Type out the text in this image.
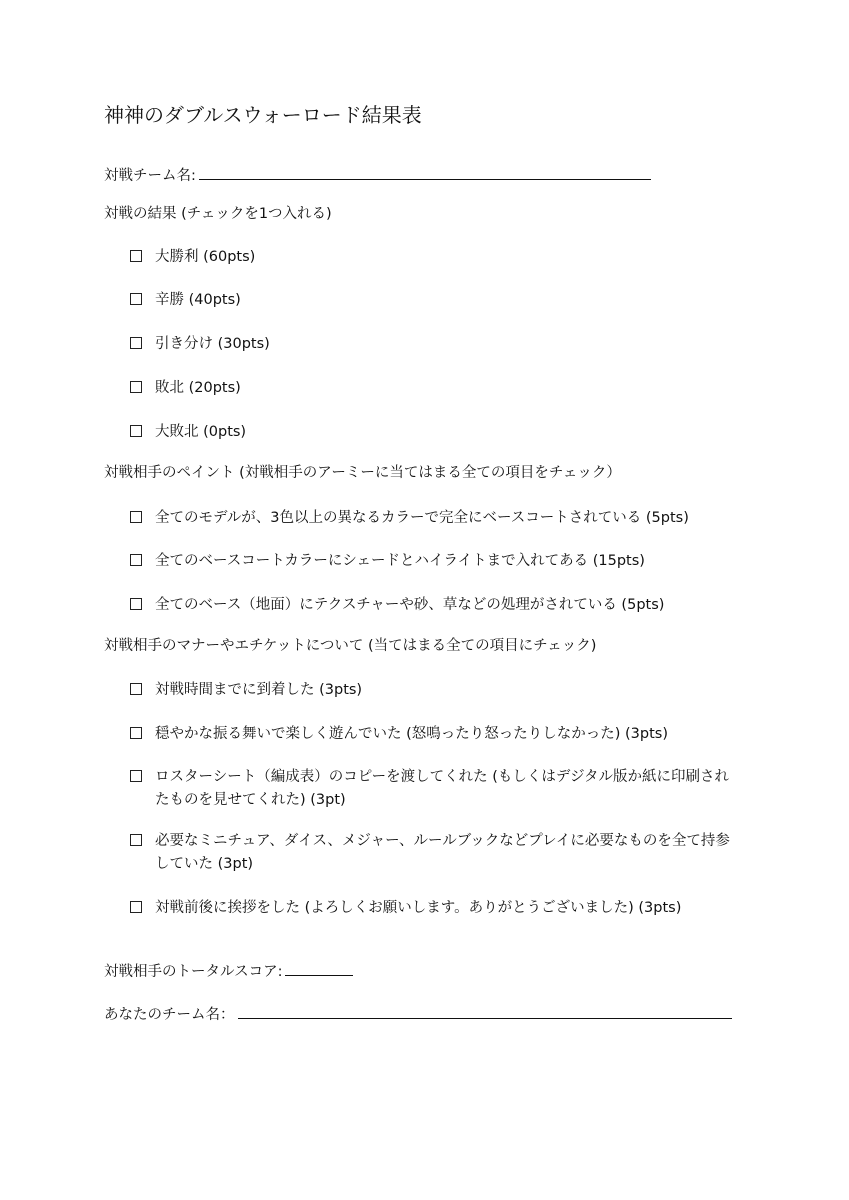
神神のダブルスウォーロード結果表
対戦チーム名:
対戦の結果 (チェックを1つ入れる)
大勝利 (60pts)
辛勝 (40pts)
引き分け (30pts)
敗北 (20pts)
大敗北 (0pts)
対戦相手のペイント (対戦相手のアーミーに当てはまる全ての項目をチェック）
全てのモデルが、3色以上の異なるカラーで完全にベースコートされている (5pts)
全てのベースコートカラーにシェードとハイライトまで入れてある (15pts)
全てのベース（地面）にテクスチャーや砂、草などの処理がされている (5pts)
対戦相手のマナーやエチケットについて (当てはまる全ての項目にチェック)
対戦時間までに到着した (3pts)
穏やかな振る舞いで楽しく遊んでいた (怒鳴ったり怒ったりしなかった) (3pts)
ロスターシート（編成表）のコピーを渡してくれた (もしくはデジタル版か紙に印刷されたものを見せてくれた) (3pt)
必要なミニチュア、ダイス、メジャー、ルールブックなどプレイに必要なものを全て持参していた (3pt)
対戦前後に挨拶をした (よろしくお願いします。ありがとうございました) (3pts)
対戦相手のトータルスコア:
あなたのチーム名：
